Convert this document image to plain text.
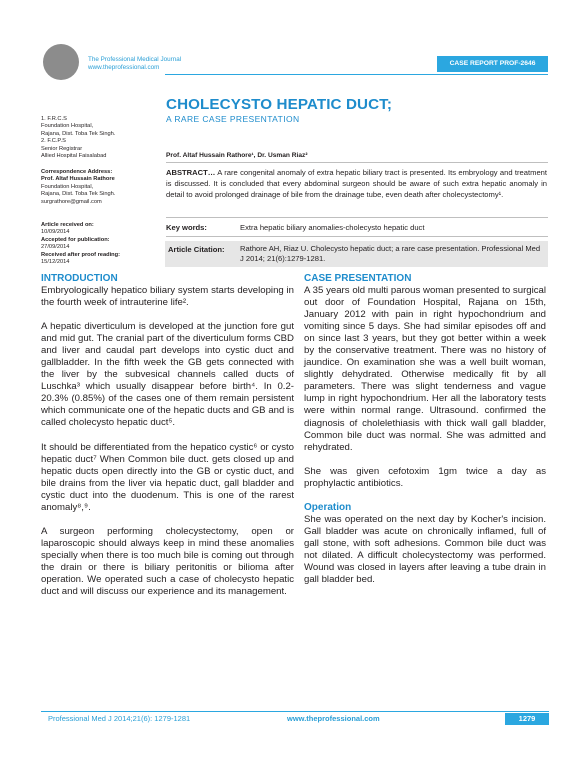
The Professional Medical Journal
www.theprofessional.com
CASE REPORT PROF-2646
CHOLECYSTO HEPATIC DUCT;
A RARE CASE PRESENTATION
1. F.R.C.S
Foundation Hospital,
Rajana, Dist. Toba Tek Singh.
2. F.C.P.S
Senior Registrar
Allied Hospital Faisalabad
Correspondence Address:
Prof. Altaf Hussain Rathore
Foundation Hospital,
Rajana, Dist. Toba Tek Singh.
surgrathore@gmail.com
Article received on:
10/09/2014
Accepted for publication:
27/09/2014
Received after proof reading:
15/12/2014
Prof. Altaf Hussain Rathore¹, Dr. Usman Riaz²
ABSTRACT… A rare congenital anomaly of extra hepatic biliary tract is presented. Its embryology and treatment is discussed. It is concluded that every abdominal surgeon should be aware of such extra hepatic anomaly in detail to avoid prolonged drainage of bile from the drainage tube, even death after cholecystectomy¹.
Key words:	Extra hepatic biliary anomalies-cholecysto hepatic duct
Article Citation: Rathore AH, Riaz U. Cholecysto hepatic duct; a rare case presentation. Professional Med J 2014; 21(6):1279-1281.
INTRODUCTION

Embryologically hepatico biliary system starts developing in the fourth week of intrauterine life².

A hepatic diverticulum is developed at the junction fore gut and mid gut. The cranial part of the diverticulum forms CBD and liver and caudal part develops into cystic duct and gallbladder. In the fifth week the GB gets connected with the liver by the subvesical channels called ducts of Luschka³ which usually disappear before birth⁴. In 0.2-20.3% (0.85%) of the cases one of them remain persistent which communicate one of the hepatic ducts and GB and is called cholecysto hepatic duct⁵.

It should be differentiated from the hepatico cystic⁶ or cysto hepatic duct⁷ When Common bile duct. gets closed up and hepatic ducts open directly into the GB or cystic duct, and bile drains from the liver via hepatic duct, gall bladder and cystic duct into the duodenum. This is one of the rarest anomaly⁸,⁹.

A surgeon performing cholecystectomy, open or laparoscopic should always keep in mind these anomalies specially when there is too much bile is coming out through the drain or there is biliary peritonitis or bilioma after operation. We operated such a case of cholecysto hepatic duct and will discuss our experience and its management.

CASE PRESENTATION

A 35 years old multi parous woman presented to surgical out door of Foundation Hospital, Rajana on 15th, January 2012 with pain in right hypochondrium and vomiting since 5 days. She had similar episodes off and on since last 3 years, but they got better within a week by the conservative treatment. There was no history of jaundice. On examination she was a well built woman, slightly dehydrated. Otherwise medically fit by all parameters. There was slight tenderness and vague lump in right hypochondrium. Her all the laboratory tests were within normal range. Ultrasound. confirmed the diagnosis of cholelethiasis with thick wall gall bladder, Common bile duct was normal. She was admitted and rehydrated.

She was given cefotoxim 1gm twice a day as prophylactic antibiotics.

Operation

She was operated on the next day by Kocher's incision. Gall bladder was acute on chronically inflamed, full of gall stone, with soft adhesions. Common bile duct was not dilated. A difficult cholecystectomy was performed. Wound was closed in layers after leaving a tube drain in gall bladder bed.

Professional Med J 2014;21(6): 1279-1281	www.theprofessional.com	1279
